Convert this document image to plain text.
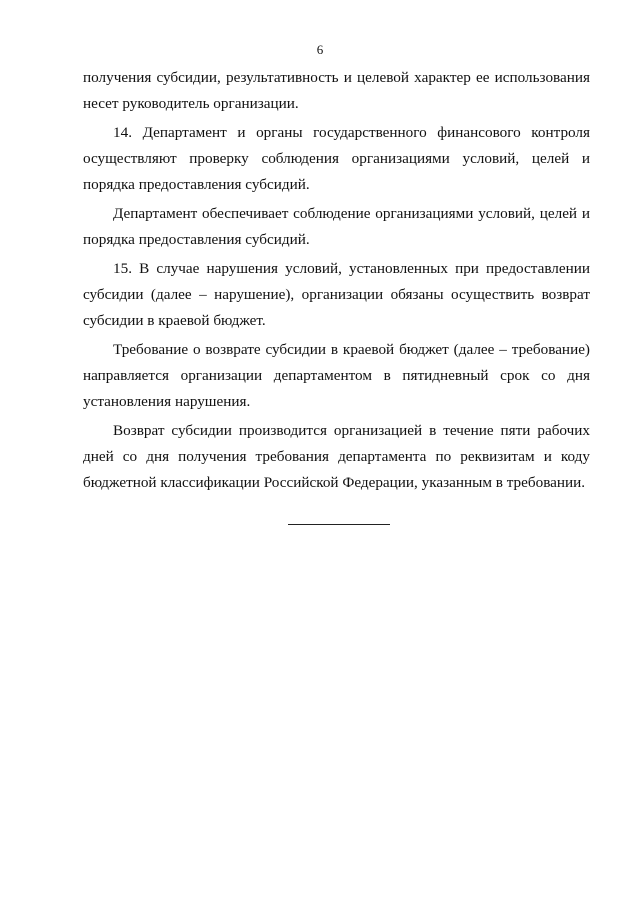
6

получения субсидии, результативность и целевой характер ее использования несет руководитель организации.

14. Департамент и органы государственного финансового контроля осуществляют проверку соблюдения организациями условий, целей и порядка предоставления субсидий.

Департамент обеспечивает соблюдение организациями условий, целей и порядка предоставления субсидий.

15. В случае нарушения условий, установленных при предоставлении субсидии (далее – нарушение), организации обязаны осуществить возврат субсидии в краевой бюджет.

Требование о возврате субсидии в краевой бюджет (далее – требование) направляется организации департаментом в пятидневный срок со дня установления нарушения.

Возврат субсидии производится организацией в течение пяти рабочих дней со дня получения требования департамента по реквизитам и коду бюджетной классификации Российской Федерации, указанным в требовании.
